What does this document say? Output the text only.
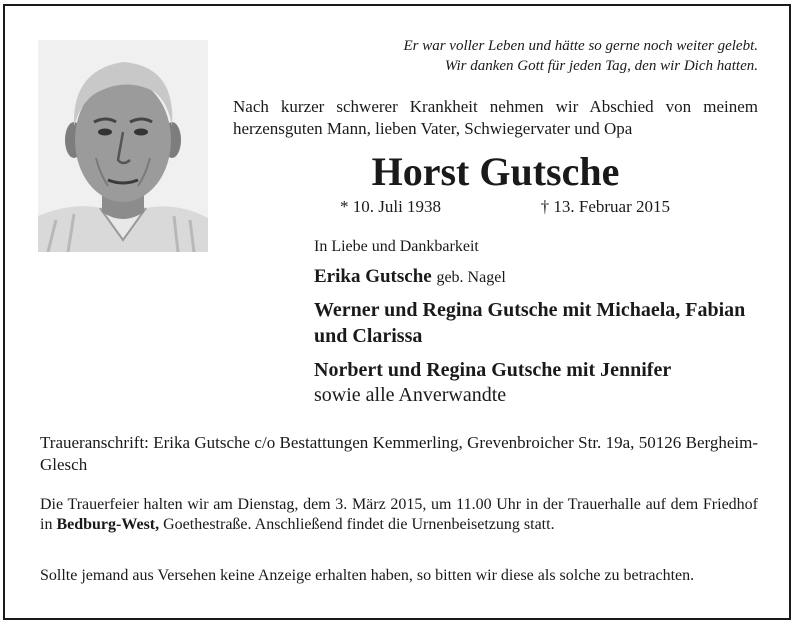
Er war voller Leben und hätte so gerne noch weiter gelebt.
Wir danken Gott für jeden Tag, den wir Dich hatten.
Nach kurzer schwerer Krankheit nehmen wir Abschied von meinem herzensguten Mann, lieben Vater, Schwiegervater und Opa
Horst Gutsche
* 10. Juli 1938	† 13. Februar 2015
In Liebe und Dankbarkeit
Erika Gutsche geb. Nagel
Werner und Regina Gutsche mit Michaela, Fabian und Clarissa
Norbert und Regina Gutsche mit Jennifer
sowie alle Anverwandte
Traueranschrift: Erika Gutsche c/o Bestattungen Kemmerling, Grevenbroicher Str. 19a, 50126 Bergheim-Glesch
Die Trauerfeier halten wir am Dienstag, dem 3. März 2015, um 11.00 Uhr in der Trauerhalle auf dem Friedhof in Bedburg-West, Goethestraße. Anschließend findet die Urnenbeisetzung statt.
Sollte jemand aus Versehen keine Anzeige erhalten haben, so bitten wir diese als solche zu betrachten.
